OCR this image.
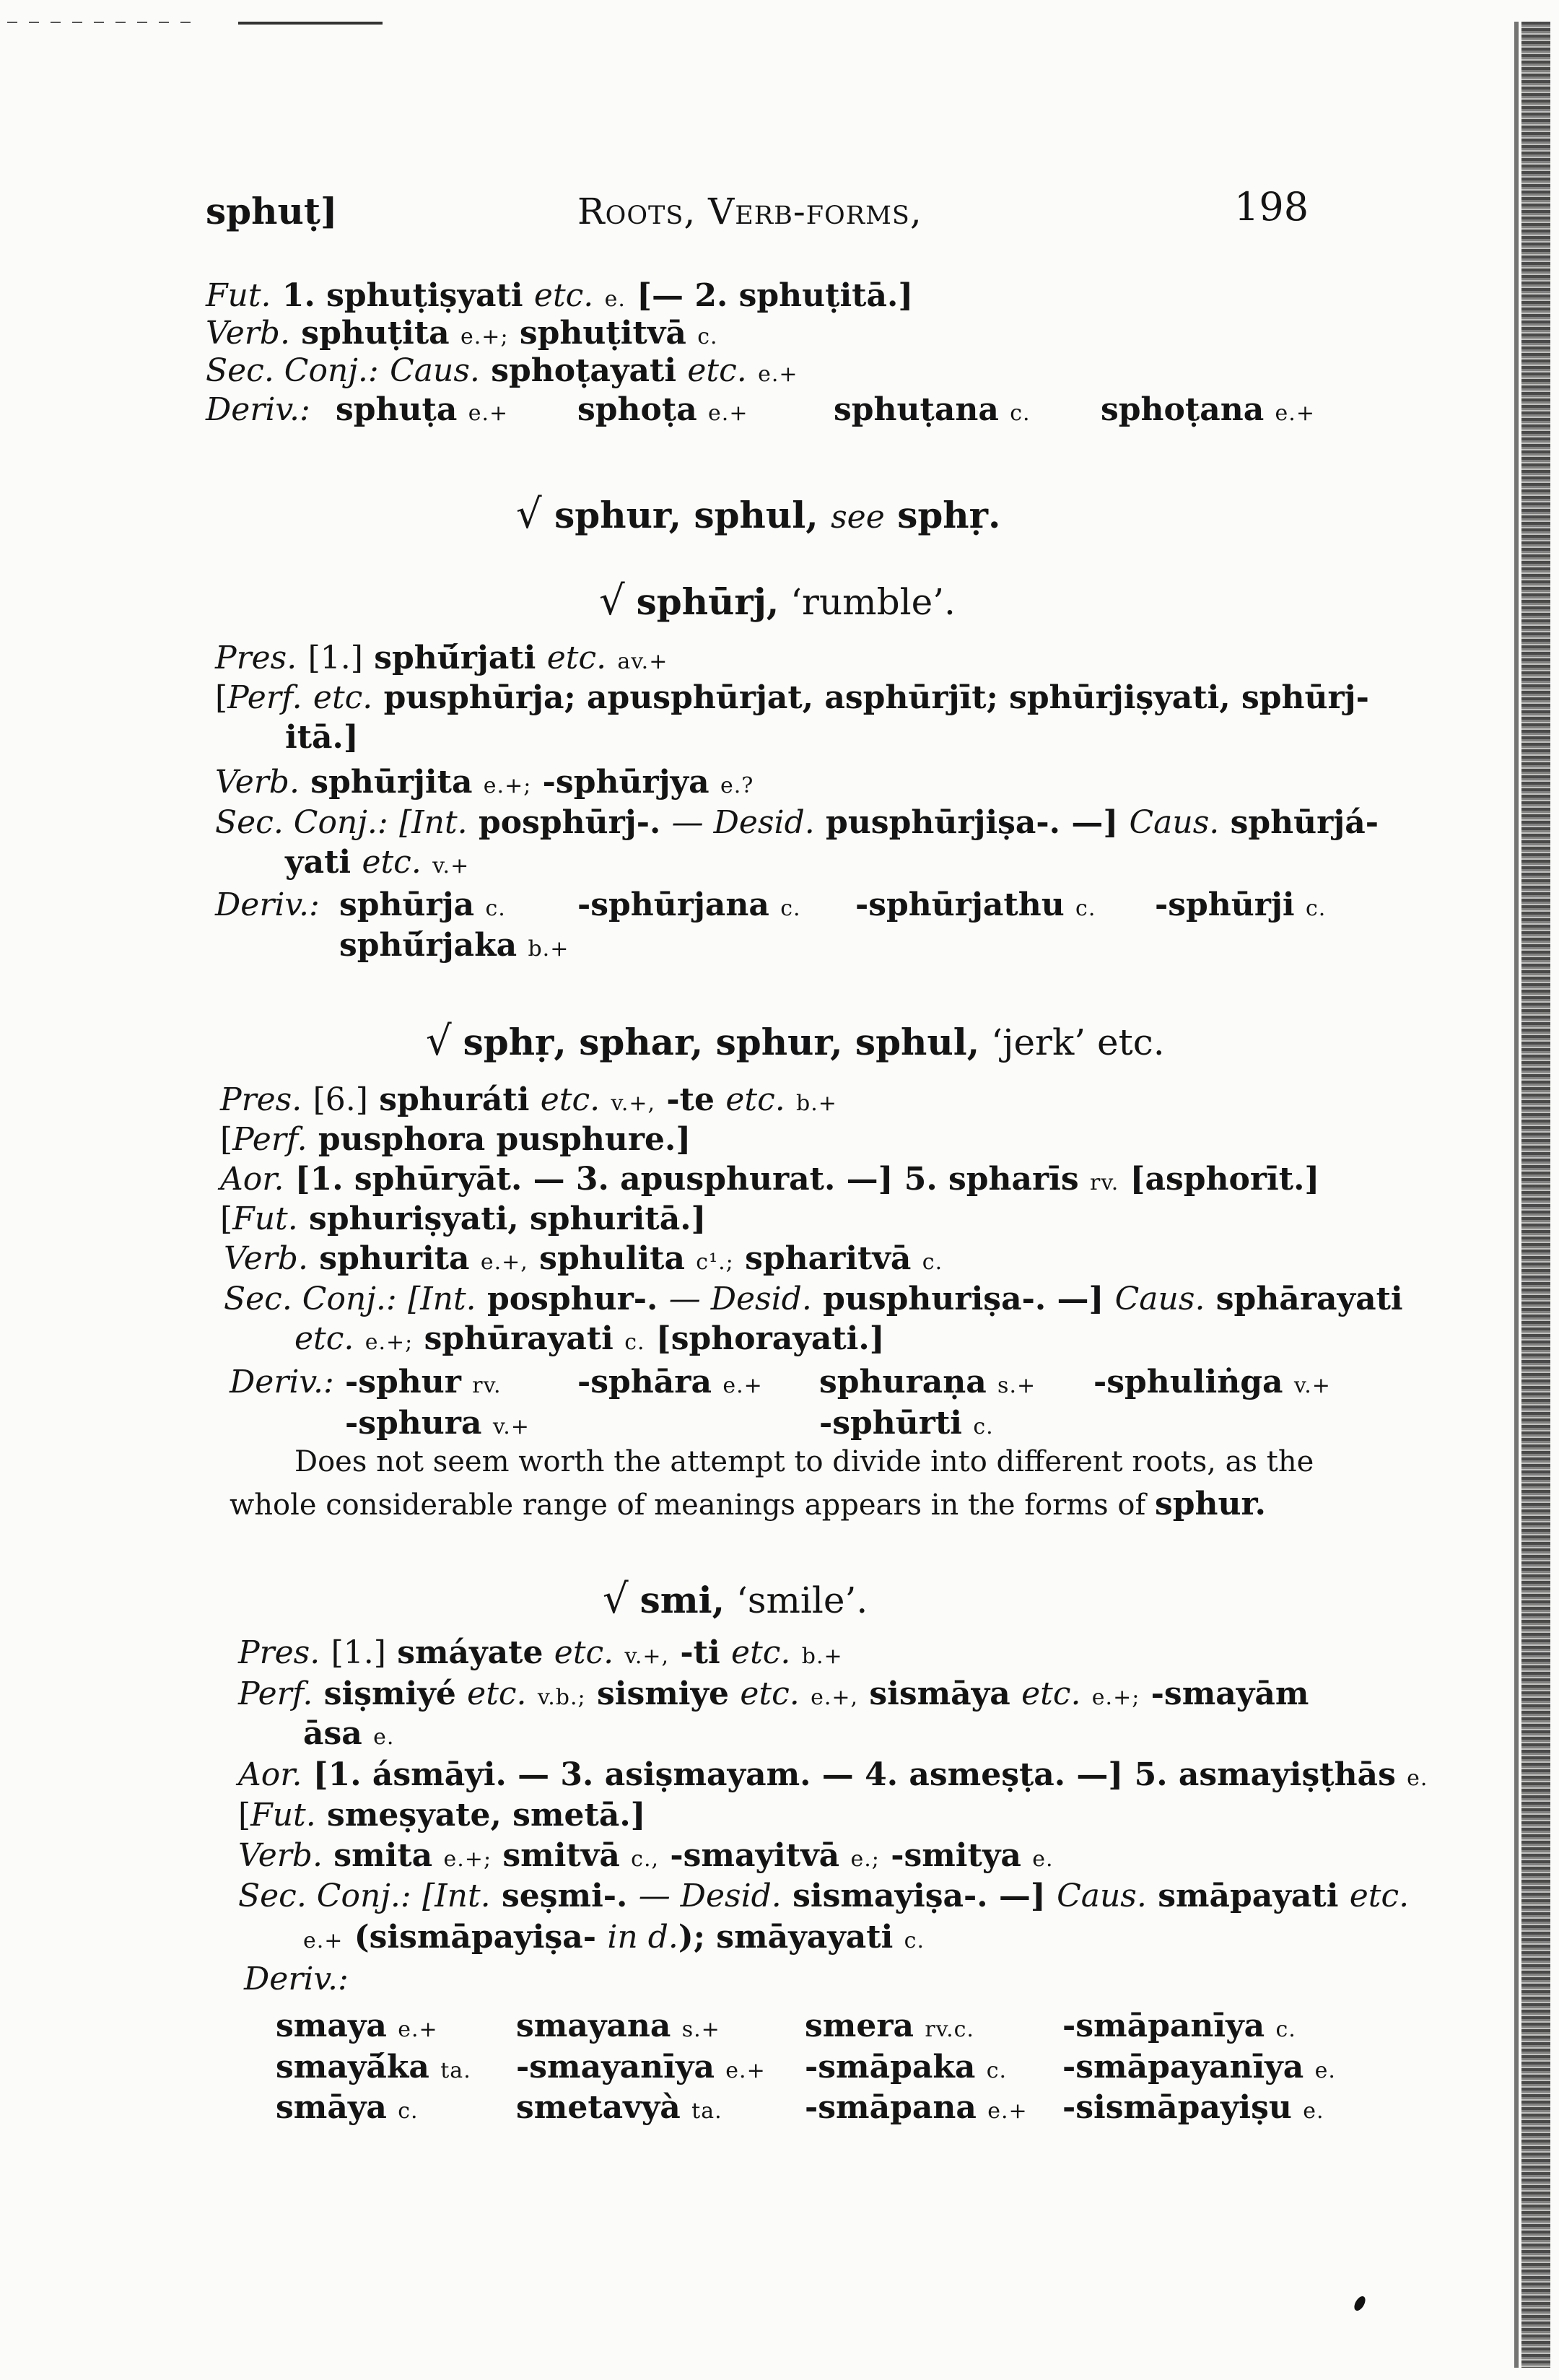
sphuṭ]	Roots, Verb-forms,	198
Fut. 1. sphuṭiṣyati etc. e. [— 2. sphuṭitā.]
Verb. sphuṭita e.+; sphuṭitvā c.
Sec. Conj.: Caus. sphoṭayati etc. e.+
Deriv.: sphuṭa e.+ sphoṭa e.+	sphuṭana c. sphoṭana e.+
√ sphur, sphul, see sphṛ.
√ sphūrj, ‘rumble’.
Pres. [1.] sphū́rjati etc. av.+
[Perf. etc. pusphūrja; apusphūrjat, asphūrjīt; sphūrjiṣyati, sphūrj-
itā.]
Verb. sphūrjita e.+; -sphūrjya e.?
Sec. Conj.: [Int. posphūrj-. — Desid. pusphūrjiṣa-. —] Caus. sphūrjá-
yati etc. v.+
Deriv.: sphūrja c. -sphūrjana c. -sphūrjathu c. -sphūrji c.
sphū́rjaka b.+
√ sphṛ, sphar, sphur, sphul, ‘jerk’ etc.
Pres. [6.] sphuráti etc. v.+, -te etc. b.+
[Perf. pusphora pusphure.]
Aor. [1. sphūryāt. — 3. apusphurat. —] 5. spharīs rv. [asphorīt.]
[Fut. sphuriṣyati, sphuritā.]
Verb. sphurita e.+, sphulita c¹.; spharitvā c.
Sec. Conj.: [Int. posphur-. — Desid. pusphuriṣa-. —] Caus. sphārayati
etc. e.+; sphūrayati c. [sphorayati.]
Deriv.: -sphur rv. -sphāra e.+ sphuraṇa s.+ -sphuliṅga v.+
-sphura v.+	-sphūrti c.
Does not seem worth the attempt to divide into different roots, as the
whole considerable range of meanings appears in the forms of sphur.
√ smi, ‘smile’.
Pres. [1.] smáyate etc. v.+, -ti etc. b.+
Perf. siṣmiyé etc. v.b.; sismiye etc. e.+, sismāya etc. e.+; -smayām
āsa e.
Aor. [1. ásmāyi. — 3. asiṣmayam. — 4. asmeṣṭa. —] 5. asmayiṣṭhās e.
[Fut. smeṣyate, smetā.]
Verb. smita e.+; smitvā c., -smayitvā e.; -smitya e.
Sec. Conj.: [Int. seṣmi-. — Desid. sismayiṣa-. —] Caus. smāpayati etc.
e.+ (sismāpayiṣa- in d.); smāyayati c.
Deriv.:
smaya e.+ smayana s.+	smera rv.c.	-smāpanīya c.
smayā́ka ta. -smayanīya e.+ -smāpaka c. -smāpayanīya e.
smāya c.	smetavyà ta.	-smāpana e.+ -sismāpayiṣu e.
